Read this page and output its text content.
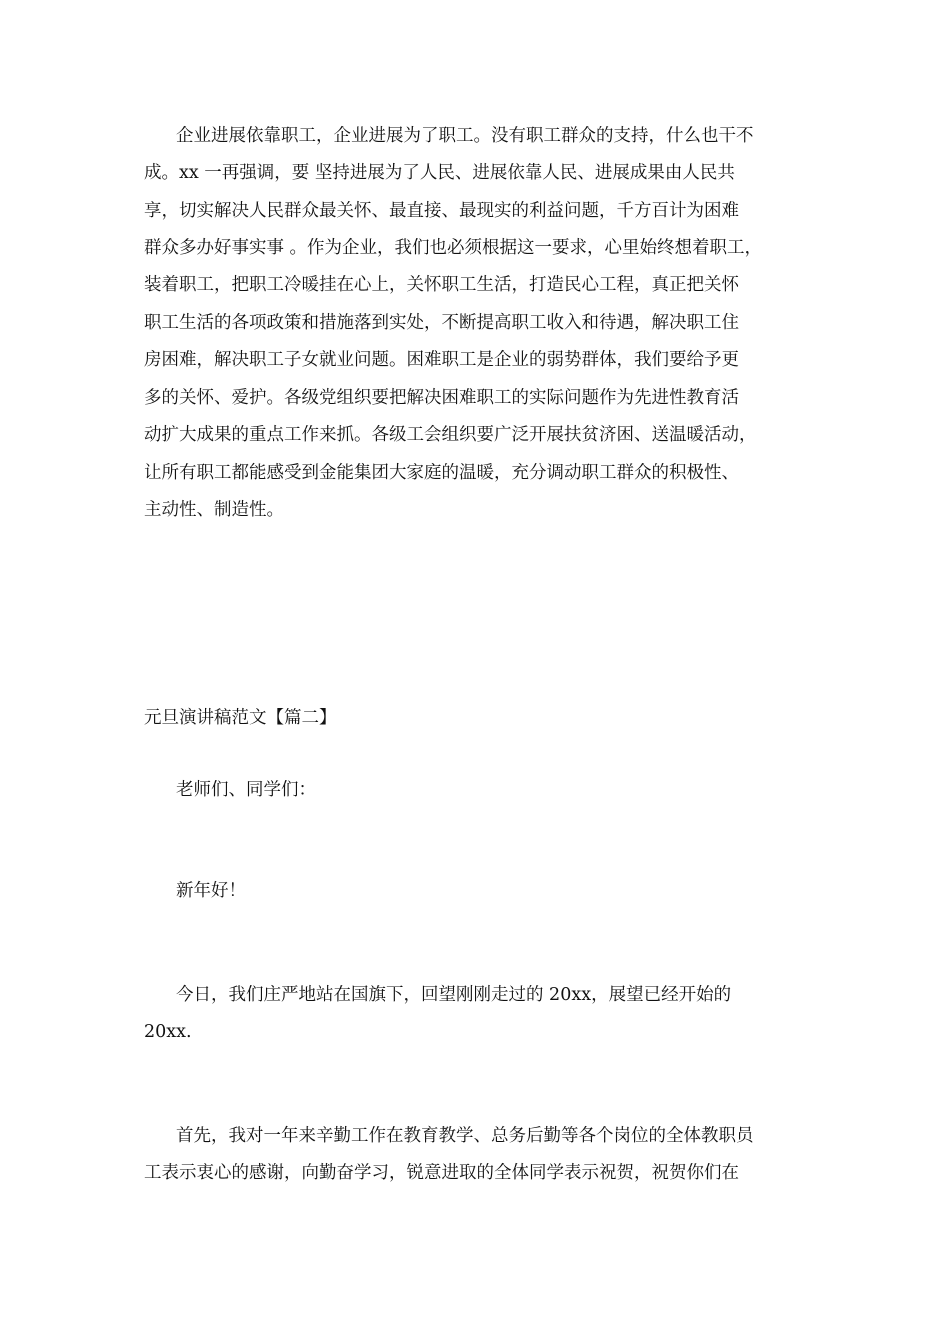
企业进展依靠职工，企业进展为了职工。没有职工群众的支持，什么也干不
成。xx 一再强调，要 坚持进展为了人民、进展依靠人民、进展成果由人民共
享，切实解决人民群众最关怀、最直接、最现实的利益问题，千方百计为困难
群众多办好事实事 。作为企业，我们也必须根据这一要求，心里始终想着职工，
装着职工，把职工冷暖挂在心上，关怀职工生活，打造民心工程，真正把关怀
职工生活的各项政策和措施落到实处，不断提高职工收入和待遇，解决职工住
房困难，解决职工子女就业问题。困难职工是企业的弱势群体，我们要给予更
多的关怀、爱护。各级党组织要把解决困难职工的实际问题作为先进性教育活
动扩大成果的重点工作来抓。各级工会组织要广泛开展扶贫济困、送温暖活动，
让所有职工都能感受到金能集团大家庭的温暖，充分调动职工群众的积极性、
主动性、制造性。
元旦演讲稿范文【篇二】
老师们、同学们：
新年好！
今日，我们庄严地站在国旗下，回望刚刚走过的 20xx，展望已经开始的
20xx.
首先，我对一年来辛勤工作在教育教学、总务后勤等各个岗位的全体教职员
工表示衷心的感谢，向勤奋学习，锐意进取的全体同学表示祝贺，祝贺你们在
